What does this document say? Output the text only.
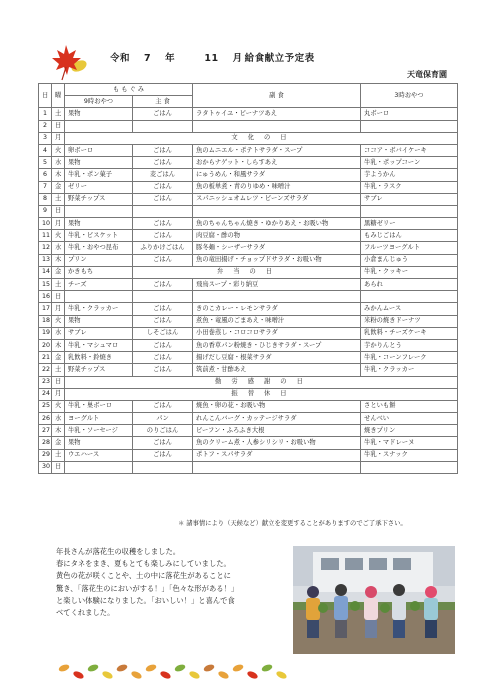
令和 7 年	11 月 給食献立予定表
天竜保育園
日	曜	も も ぐ み		副 食	3時おやつ
		9時おやつ	主 食		
1	土	果物	ごはん	ラタトゥイユ・ピーナツあえ	丸ボーロ
2	日				
3	月	文 化 の 日			
4	火	卵ボーロ	ごはん	魚のムニエル・ポテトサラダ・スープ	ココア・ボバイケーキ
5	水	果物	ごはん	おからナゲット・しらすあえ	牛乳・ポップコーン
6	木	牛乳・ポン菓子	麦ごはん	にゅうめん・和風サラダ	芋ようかん
7	金	ゼリー	ごはん	魚の板単煮・青のりゆめ・味噌汁	牛乳・ラスク
8	土	野菜チップス	ごはん	スパニッシュオムレツ・ビーンズサラダ	サブレ
9	日				
10	月	果物	ごはん	魚のちゃんちゃん焼き・ゆかりあえ・お吸い物	黒糖ゼリー
11	火	牛乳・ビスケット	ごはん	肉豆腐・酢の物	もみじごはん
12	水	牛乳・おやつ昆布	ふりかけごはん	豚冬麺・シーザーサラダ	フルーツヨーグルト
13	木	プリン	ごはん	魚の竜田揚げ・チョップドサラダ・お吸い物	小倉まんじゅう
14	金	かきもち	弁 当 の 日		牛乳・クッキー
15	土	チーズ	ごはん	飛鳥スープ・彩り納豆	あられ
16	日				
17	月	牛乳・クラッカー	ごはん	きのこカレー・レモンサラダ	みかんムース
18	火	果物	ごはん	煮魚・竜風のごまあえ・味噌汁	米粉の焼きドーナツ
19	水	サブレ	しそごはん	小田巻蒸し・コロコロサラダ	乳飲料・チーズケーキ
20	木	牛乳・マシュマロ	ごはん	魚の香草パン粉焼き・ひじきサラダ・スープ	芋かりんとう
21	金	乳飲料・鈴焼き	ごはん	揚げだし豆腐・根菜サラダ	牛乳・コーンフレーク
22	土	野菜チップス	ごはん	筑前煮・甘酢あえ	牛乳・クラッカー
23	日	勤 労 感 謝 の 日			
24	月	振 替 休 日			
25	火	牛乳・巣ボーロ	ごはん	焼魚・卵の花・お吸い物	さといも餅
26	水	ヨーグルト	パン	れんこんバーグ・カッテージサラダ	せんべい
27	木	牛乳・ソーセージ	のりごはん	ビーフン・ふろふき大根	焼きプリン
28	金	果物	ごはん	魚のクリーム煮・人参シリシリ・お吸い物	牛乳・マドレーヌ
29	土	ウエハース	ごはん	ポトフ・スパサラダ	牛乳・スナック
30	日				
＊ 諸事情により（天候など）献立を変更することがありますのでご了承下さい。
年長さんが落花生の収穫をしました。
春にタネをまき、夏もとても楽しみにしていました。
黄色の花が咲くことや、土の中に落花生があることに
驚き、「落花生のにおいがする！」「色々な形がある！」
と楽しい体験になりました。「おいしい！」と喜んで食
べてくれました。
